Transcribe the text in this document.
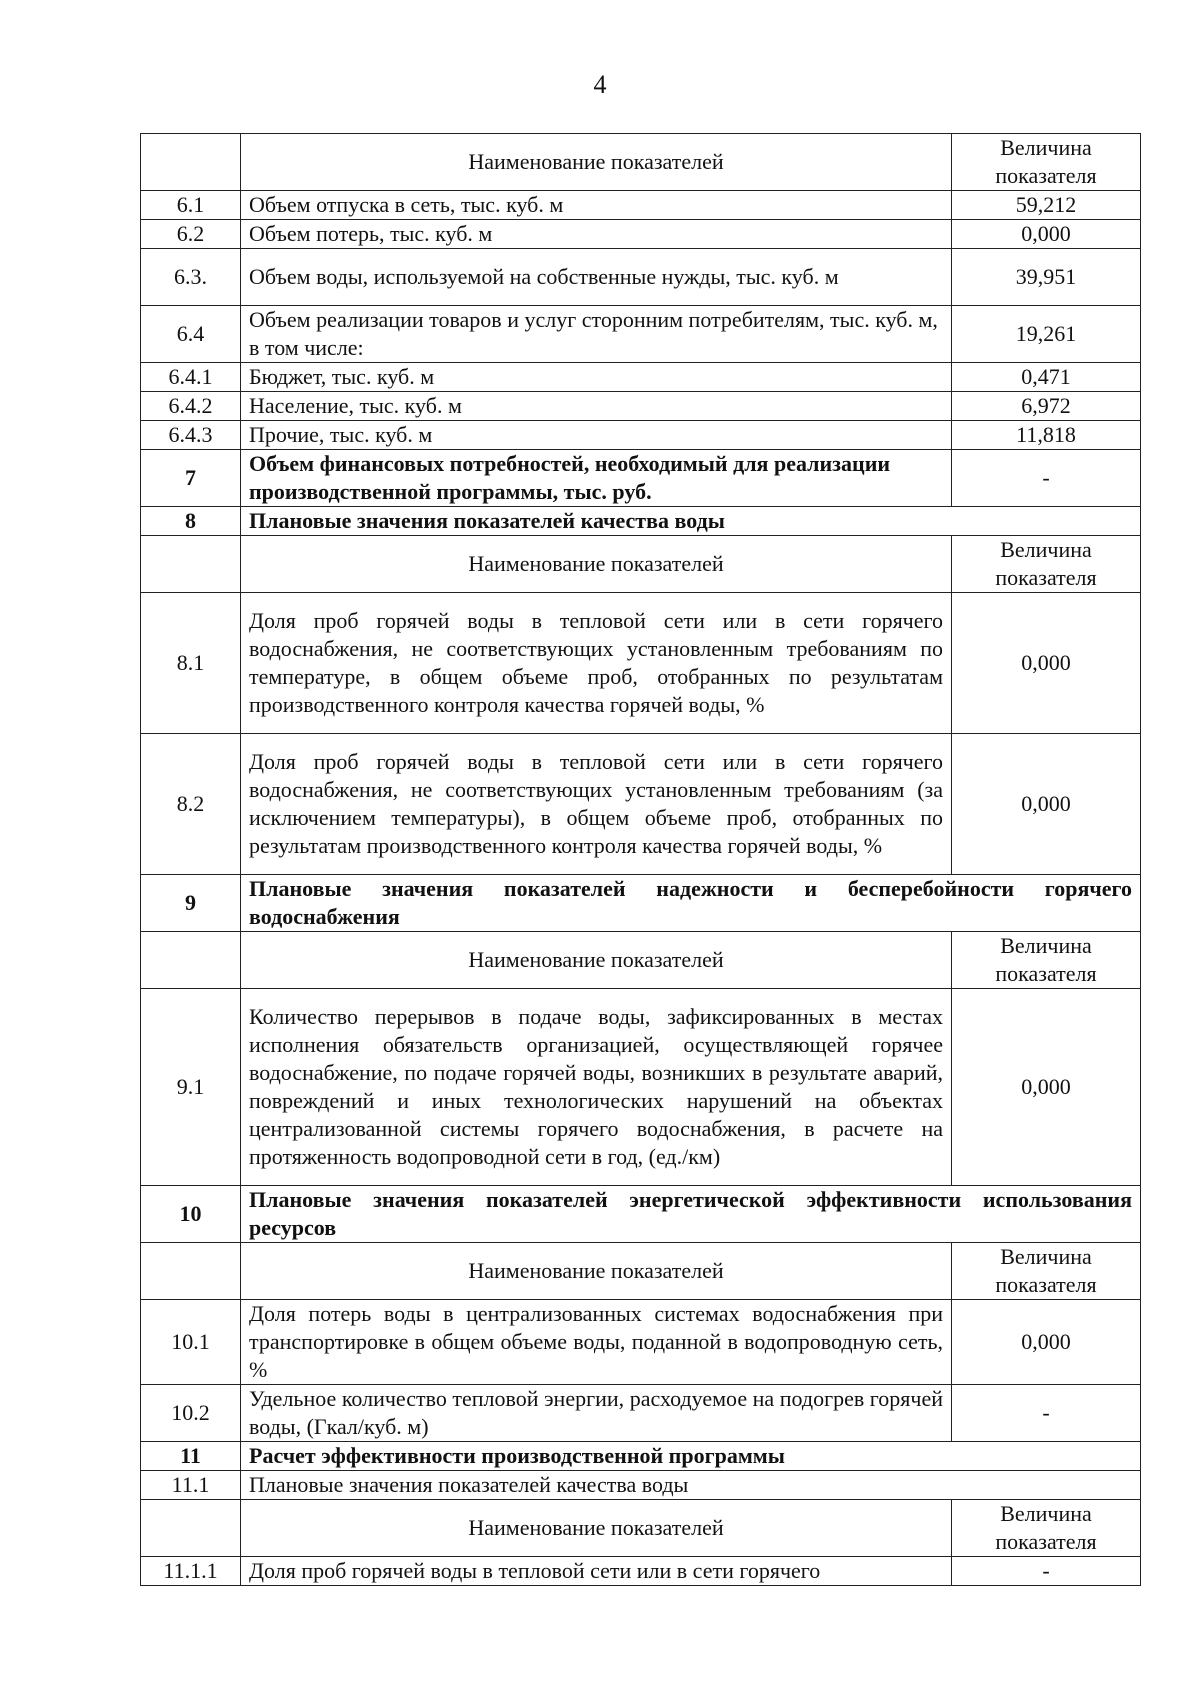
4
	Наименование показателей	Величина показателя
6.1	Объем отпуска в сеть, тыс. куб. м	59,212
6.2	Объем потерь, тыс. куб. м	0,000
6.3.	Объем воды, используемой на собственные нужды, тыс. куб. м	39,951
6.4	Объем реализации товаров и услуг сторонним потребителям, тыс. куб. м, в том числе:	19,261
6.4.1	Бюджет, тыс. куб. м	0,471
6.4.2	Население, тыс. куб. м	6,972
6.4.3	Прочие, тыс. куб. м	11,818
7	Объем финансовых потребностей, необходимый для реализации производственной программы, тыс. руб.	-
8	Плановые значения показателей качества воды	
	Наименование показателей	Величина показателя
8.1	Доля проб горячей воды в тепловой сети или в сети горячего водоснабжения, не соответствующих установленным требованиям по температуре, в общем объеме проб, отобранных по результатам производственного контроля качества горячей воды, %	0,000
8.2	Доля проб горячей воды в тепловой сети или в сети горячего водоснабжения, не соответствующих установленным требованиям (за исключением температуры), в общем объеме проб, отобранных по результатам производственного контроля качества горячей воды, %	0,000
9	Плановые значения показателей надежности и бесперебойности горячего водоснабжения	
	Наименование показателей	Величина показателя
9.1	Количество перерывов в подаче воды, зафиксированных в местах исполнения обязательств организацией, осуществляющей горячее водоснабжение, по подаче горячей воды, возникших в результате аварий, повреждений и иных технологических нарушений на объектах централизованной системы горячего водоснабжения, в расчете на протяженность водопроводной сети в год, (ед./км)	0,000
10	Плановые значения показателей энергетической эффективности использования ресурсов	
	Наименование показателей	Величина показателя
10.1	Доля потерь воды в централизованных системах водоснабжения при транспортировке в общем объеме воды, поданной в водопроводную сеть, %	0,000
10.2	Удельное количество тепловой энергии, расходуемое на подогрев горячей воды, (Гкал/куб. м)	-
11	Расчет эффективности производственной программы	
11.1	Плановые значения показателей качества воды	
	Наименование показателей	Величина показателя
11.1.1	Доля проб горячей воды в тепловой сети или в сети горячего	-
